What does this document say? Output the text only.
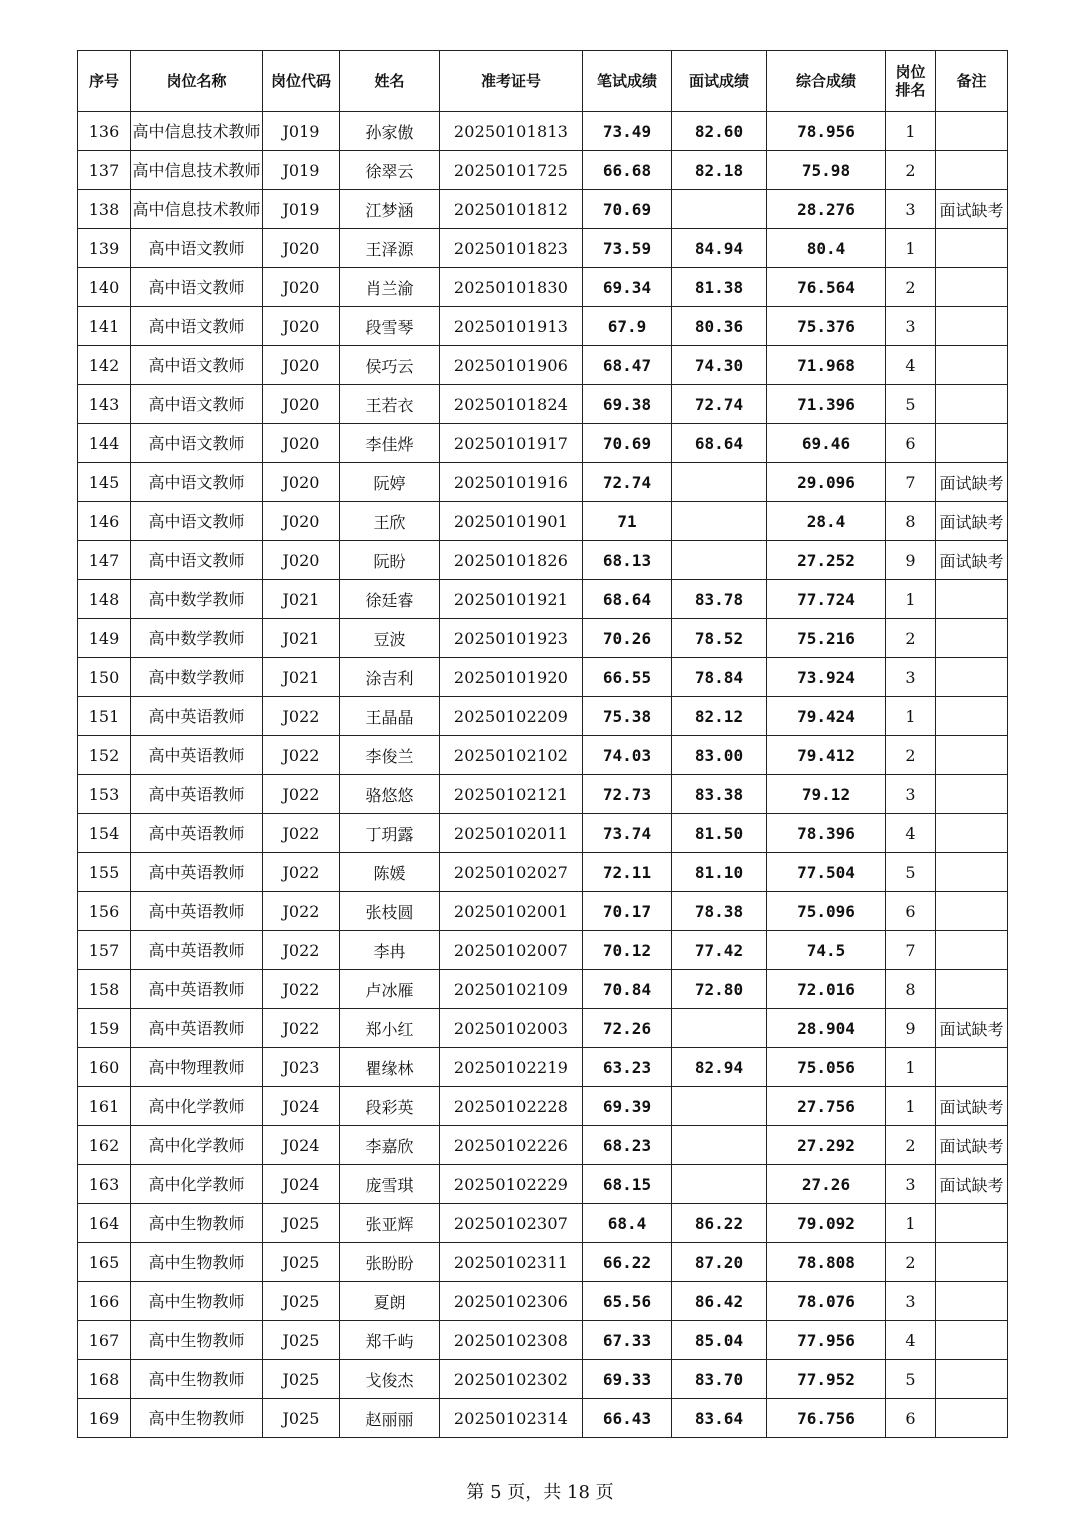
序号	岗位名称	岗位代码	姓名	准考证号	笔试成绩	面试成绩	综合成绩	岗位排名	备注
136	高中信息技术教师	J019	孙家傲	20250101813	73.49	82.60	78.956	1	
137	高中信息技术教师	J019	徐翠云	20250101725	66.68	82.18	75.98	2	
138	高中信息技术教师	J019	江梦涵	20250101812	70.69		28.276	3	面试缺考
139	高中语文教师	J020	王泽源	20250101823	73.59	84.94	80.4	1	
140	高中语文教师	J020	肖兰渝	20250101830	69.34	81.38	76.564	2	
141	高中语文教师	J020	段雪琴	20250101913	67.9	80.36	75.376	3	
142	高中语文教师	J020	侯巧云	20250101906	68.47	74.30	71.968	4	
143	高中语文教师	J020	王若衣	20250101824	69.38	72.74	71.396	5	
144	高中语文教师	J020	李佳烨	20250101917	70.69	68.64	69.46	6	
145	高中语文教师	J020	阮婷	20250101916	72.74		29.096	7	面试缺考
146	高中语文教师	J020	王欣	20250101901	71		28.4	8	面试缺考
147	高中语文教师	J020	阮盼	20250101826	68.13		27.252	9	面试缺考
148	高中数学教师	J021	徐廷睿	20250101921	68.64	83.78	77.724	1	
149	高中数学教师	J021	豆波	20250101923	70.26	78.52	75.216	2	
150	高中数学教师	J021	涂吉利	20250101920	66.55	78.84	73.924	3	
151	高中英语教师	J022	王晶晶	20250102209	75.38	82.12	79.424	1	
152	高中英语教师	J022	李俊兰	20250102102	74.03	83.00	79.412	2	
153	高中英语教师	J022	骆悠悠	20250102121	72.73	83.38	79.12	3	
154	高中英语教师	J022	丁玥露	20250102011	73.74	81.50	78.396	4	
155	高中英语教师	J022	陈媛	20250102027	72.11	81.10	77.504	5	
156	高中英语教师	J022	张枝圆	20250102001	70.17	78.38	75.096	6	
157	高中英语教师	J022	李冉	20250102007	70.12	77.42	74.5	7	
158	高中英语教师	J022	卢冰雁	20250102109	70.84	72.80	72.016	8	
159	高中英语教师	J022	郑小红	20250102003	72.26		28.904	9	面试缺考
160	高中物理教师	J023	瞿缘林	20250102219	63.23	82.94	75.056	1	
161	高中化学教师	J024	段彩英	20250102228	69.39		27.756	1	面试缺考
162	高中化学教师	J024	李嘉欣	20250102226	68.23		27.292	2	面试缺考
163	高中化学教师	J024	庞雪琪	20250102229	68.15		27.26	3	面试缺考
164	高中生物教师	J025	张亚辉	20250102307	68.4	86.22	79.092	1	
165	高中生物教师	J025	张盼盼	20250102311	66.22	87.20	78.808	2	
166	高中生物教师	J025	夏朗	20250102306	65.56	86.42	78.076	3	
167	高中生物教师	J025	郑千屿	20250102308	67.33	85.04	77.956	4	
168	高中生物教师	J025	戈俊杰	20250102302	69.33	83.70	77.952	5	
169	高中生物教师	J025	赵丽丽	20250102314	66.43	83.64	76.756	6	
第 5 页，共 18 页
